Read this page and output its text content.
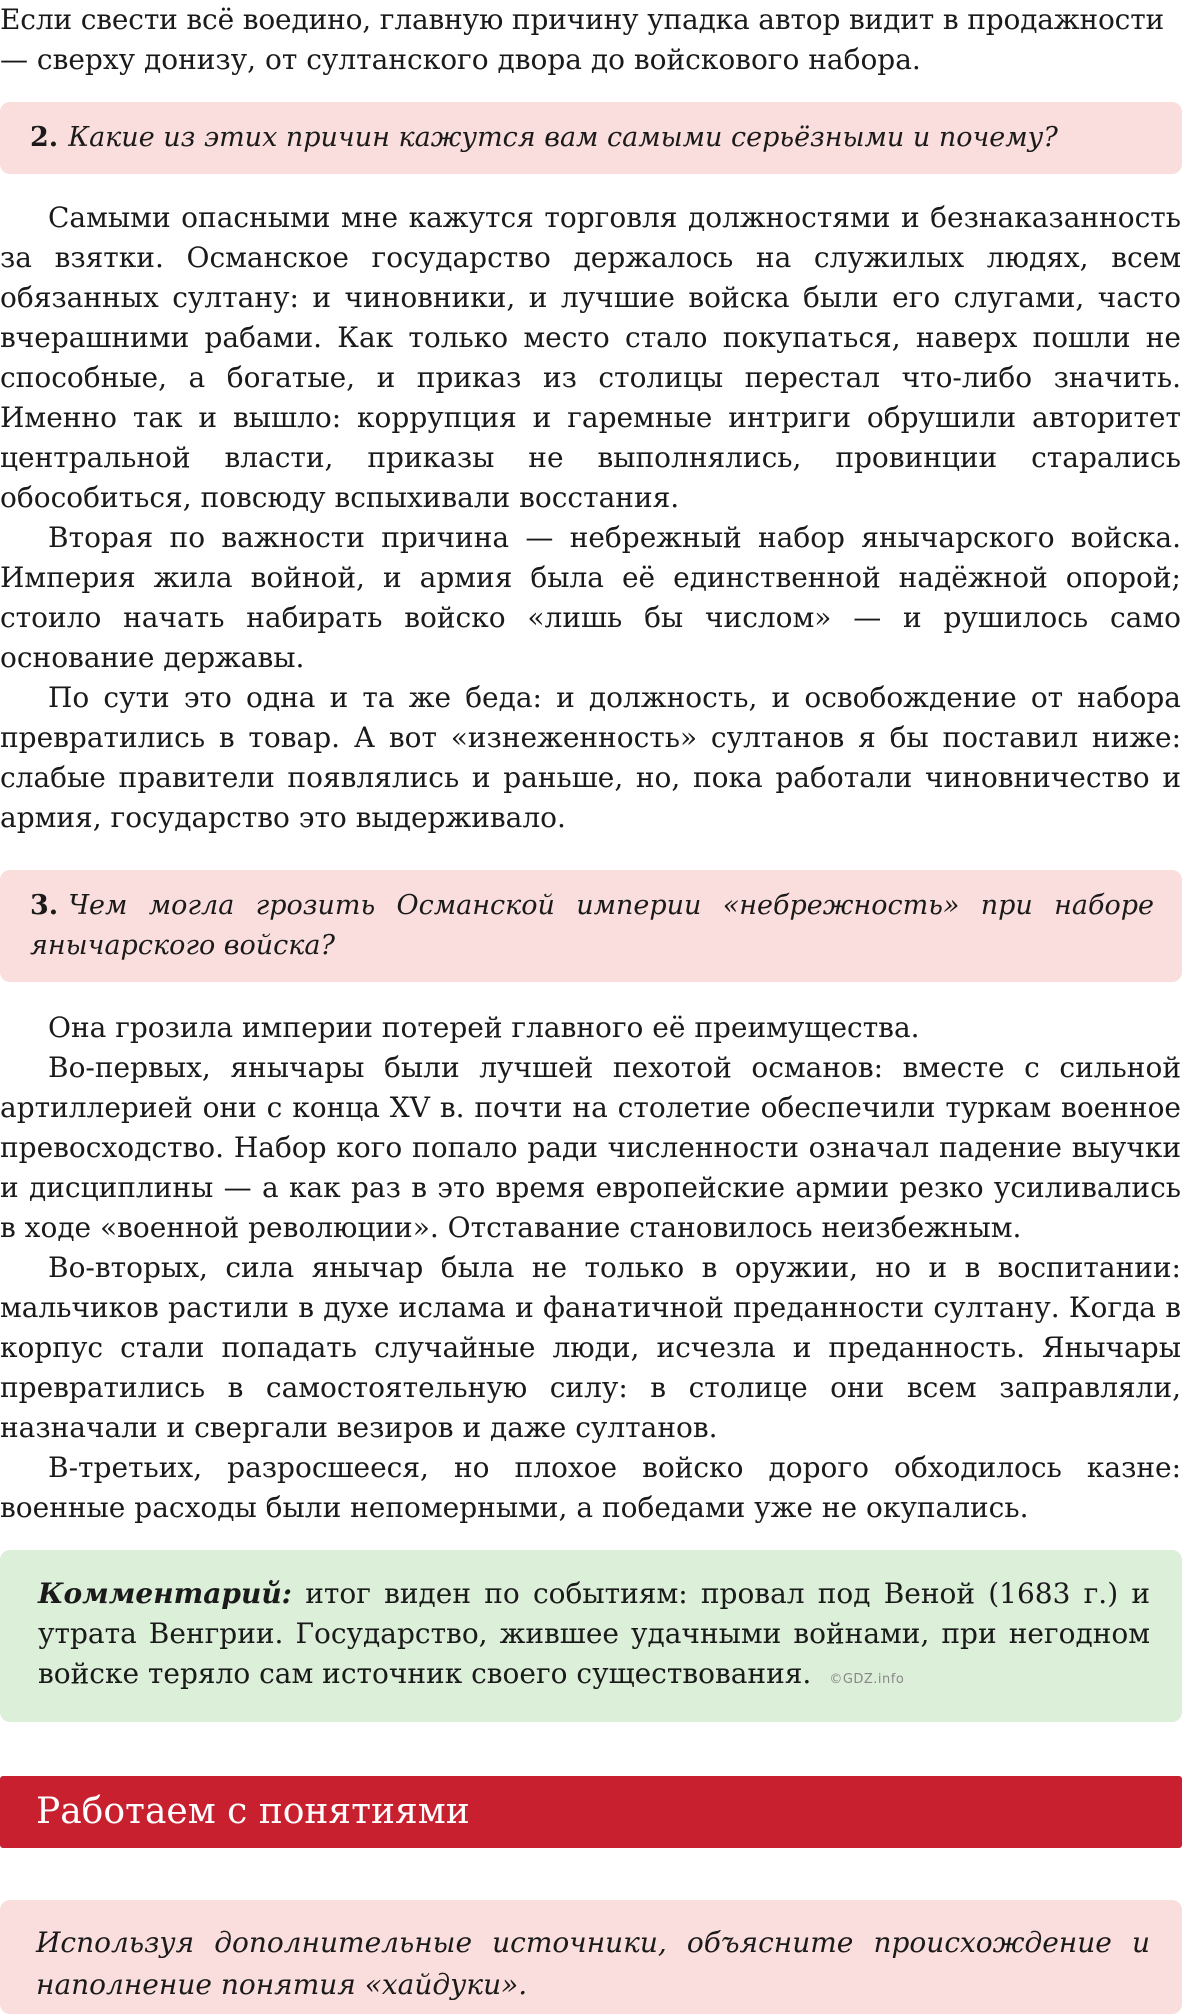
Если свести всё воедино, главную причину упадка автор видит в продажности

— сверху донизу, от султанского двора до войскового набора.

2. Какие из этих причин кажутся вам самыми серьёзными и почему?

Самыми опасными мне кажутся торговля должностями и безнаказанность за взятки. Османское государство держалось на служилых людях, всем обязанных султану: и чиновники, и лучшие войска были его слугами, часто вчерашними рабами. Как только место стало покупаться, наверх пошли не способные, а богатые, и приказ из столицы перестал что-либо значить. Именно так и вышло: коррупция и гаремные интриги обрушили авторитет центральной власти, приказы не выполнялись, провинции старались обособиться, повсюду вспыхивали восстания.

Вторая по важности причина — небрежный набор янычарского войска. Империя жила войной, и армия была её единственной надёжной опорой; стоило начать набирать войско «лишь бы числом» — и рушилось само основание державы.

По сути это одна и та же беда: и должность, и освобождение от набора превратились в товар. А вот «изнеженность» султанов я бы поставил ниже: слабые правители появлялись и раньше, но, пока работали чиновничество и армия, государство это выдерживало.

3. Чем могла грозить Османской империи «небрежность» при наборе янычарского войска?

Она грозила империи потерей главного её преимущества.

Во-первых, янычары были лучшей пехотой османов: вместе с сильной артиллерией они с конца XV в. почти на столетие обеспечили туркам военное превосходство. Набор кого попало ради численности означал падение выучки и дисциплины — а как раз в это время европейские армии резко усиливались в ходе «военной революции». Отставание становилось неизбежным.

Во-вторых, сила янычар была не только в оружии, но и в воспитании: мальчиков растили в духе ислама и фанатичной преданности султану. Когда в корпус стали попадать случайные люди, исчезла и преданность. Янычары превратились в самостоятельную силу: в столице они всем заправляли, назначали и свергали везиров и даже султанов.

В-третьих, разросшееся, но плохое войско дорого обходилось казне: военные расходы были непомерными, а победами уже не окупались.

Комментарий: итог виден по событиям: провал под Веной (1683 г.) и утрата Венгрии. Государство, жившее удачными войнами, при негодном войске теряло сам источник своего существования. ©GDZ.info
Работаем с понятиями
Используя дополнительные источники, объясните происхождение и наполнение понятия «хайдуки».
